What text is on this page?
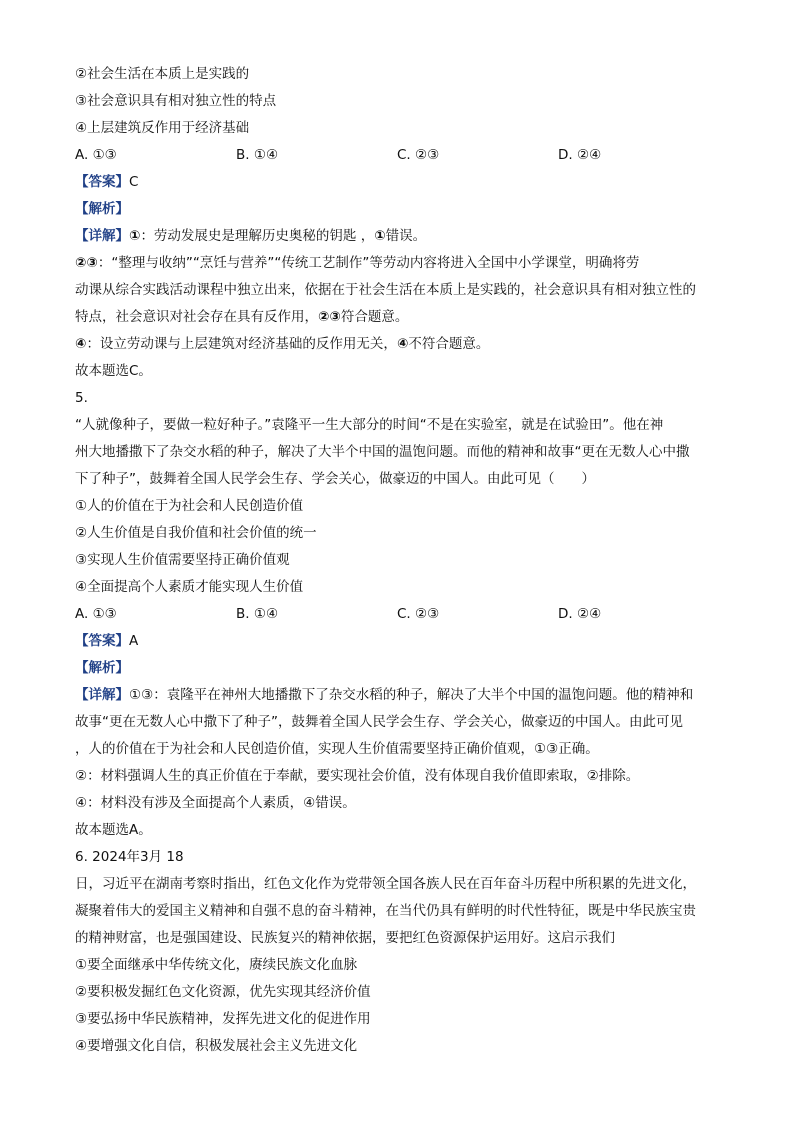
②社会生活在本质上是实践的
③社会意识具有相对独立性的特点
④上层建筑反作用于经济基础
A. ①③	B. ①④	C. ②③	D. ②④
【答案】C
【解析】
【详解】①：劳动发展史是理解历史奥秘的钥匙 ，①错误。
②③：“整理与收纳”“烹饪与营养”“传统工艺制作”等劳动内容将进入全国中小学课堂，明确将劳
动课从综合实践活动课程中独立出来，依据在于社会生活在本质上是实践的，社会意识具有相对独立性的
特点，社会意识对社会存在具有反作用，②③符合题意。
④：设立劳动课与上层建筑对经济基础的反作用无关，④不符合题意。
故本题选C。
5.
“人就像种子，要做一粒好种子。”袁隆平一生大部分的时间“不是在实验室，就是在试验田”。他在神
州大地播撒下了杂交水稻的种子，解决了大半个中国的温饱问题。而他的精神和故事“更在无数人心中撒
下了种子”，鼓舞着全国人民学会生存、学会关心，做豪迈的中国人。由此可见（　　）
①人的价值在于为社会和人民创造价值
②人生价值是自我价值和社会价值的统一
③实现人生价值需要坚持正确价值观
④全面提高个人素质才能实现人生价值
A. ①③	B. ①④	C. ②③	D. ②④
【答案】A
【解析】
【详解】①③：袁隆平在神州大地播撒下了杂交水稻的种子，解决了大半个中国的温饱问题。他的精神和
故事“更在无数人心中撒下了种子”，鼓舞着全国人民学会生存、学会关心，做豪迈的中国人。由此可见
，人的价值在于为社会和人民创造价值，实现人生价值需要坚持正确价值观，①③正确。
②：材料强调人生的真正价值在于奉献，要实现社会价值，没有体现自我价值即索取，②排除。
④：材料没有涉及全面提高个人素质，④错误。
故本题选A。
6. 2024年3月 18
日，习近平在湖南考察时指出，红色文化作为党带领全国各族人民在百年奋斗历程中所积累的先进文化，
凝聚着伟大的爱国主义精神和自强不息的奋斗精神，在当代仍具有鲜明的时代性特征，既是中华民族宝贵
的精神财富，也是强国建设、民族复兴的精神依据，要把红色资源保护运用好。这启示我们
①要全面继承中华传统文化，赓续民族文化血脉
②要积极发掘红色文化资源，优先实现其经济价值
③要弘扬中华民族精神，发挥先进文化的促进作用
④要增强文化自信，积极发展社会主义先进文化
